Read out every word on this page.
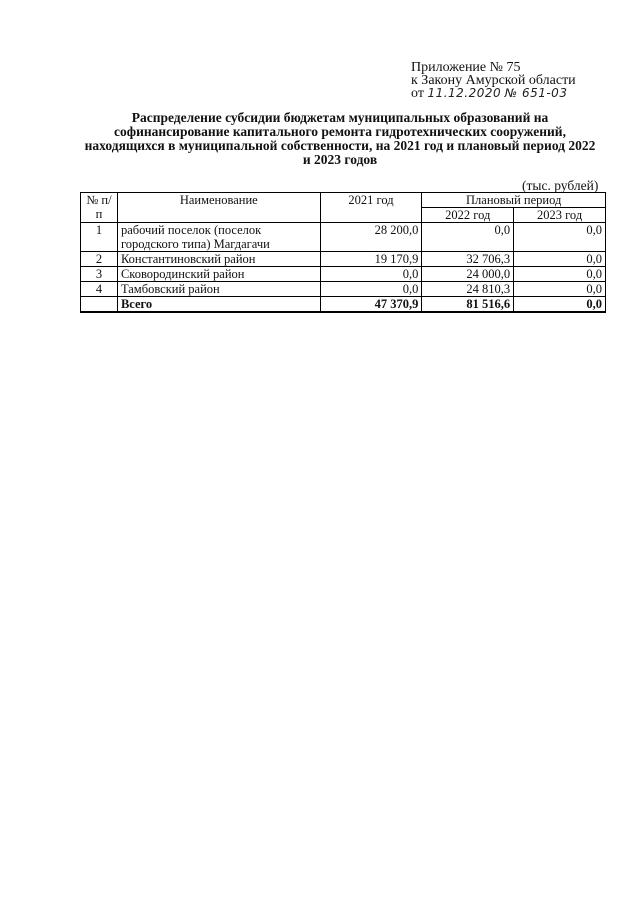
Приложение № 75
к Закону Амурской области
от 11.12.2020 № 651-03
Распределение субсидии бюджетам муниципальных образований на софинансирование капитального ремонта гидротехнических сооружений, находящихся в муниципальной собственности, на 2021 год и плановый период 2022 и 2023 годов
(тыс. рублей)
№ п/п	Наименование	2021 год	Плановый период	
			2022 год	2023 год
1	рабочий поселок (поселок городского типа) Магдагачи	28 200,0	0,0	0,0
2	Константиновский район	19 170,9	32 706,3	0,0
3	Сковородинский район	0,0	24 000,0	0,0
4	Тамбовский район	0,0	24 810,3	0,0
	Всего	47 370,9	81 516,6	0,0
